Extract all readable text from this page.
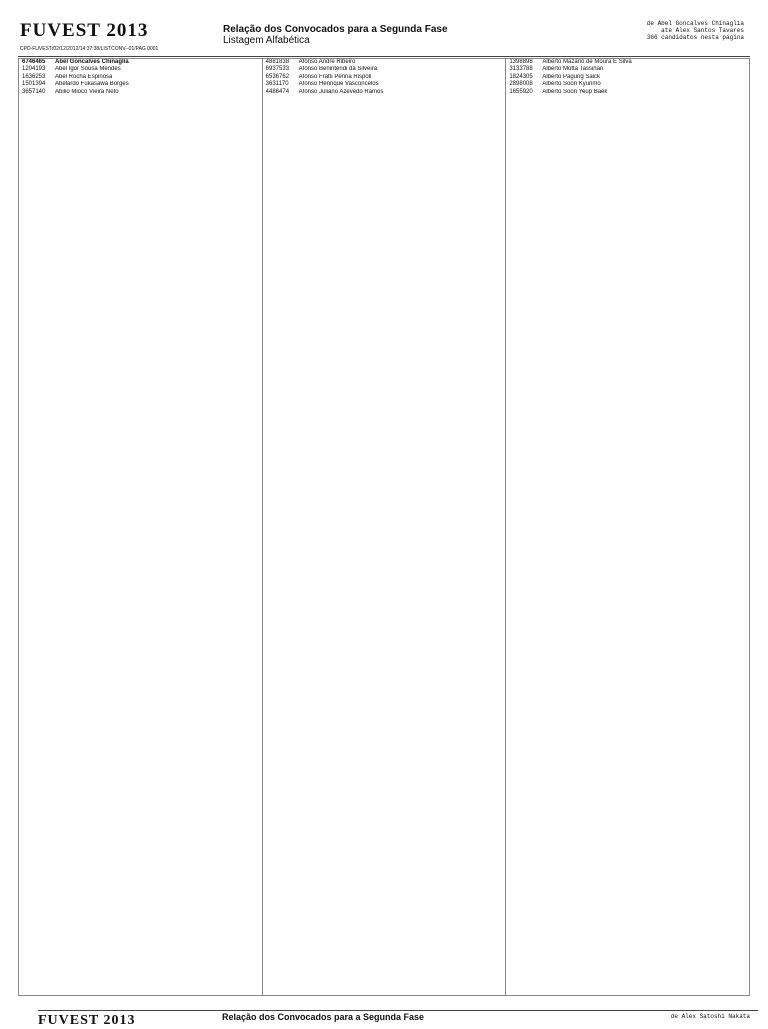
FUVEST 2013
CPD-FUVEST/02/12/2012/14:37:38/LISTCONV--01/PAG 0001
Relação dos Convocados para a Segunda Fase
Listagem Alfabética
de Abel Goncalves Chinaglia
ate Alex Santos Tavares
366 candidatos nesta página
6746465	Abel Goncalves Chinaglia
1204193	Abel Igor Sousa Mendes
1636253	Abel Rocha Espinosa
1501394	Abelardo Fukasawa Borges
3657140	Abilio Mioco Vieira Neto
4881838	Afonso Andre Ribeiro
6937533	Afonso Benintendi da Silveira
6536762	Afonso Fratti Penna Rispoli
3631170	Afonso Henrique Vasconcelos
4486474	Afonso Juliano Azevedo Ramos
1398898	Alberto Mazano de Moura E Silva
3133788	Alberto Motta Tassinari
1824305	Alberto Pagung Saick
2898008	Alberto Soon Kyunmo
1655920	Alberto Soon Yeup Baek
FUVEST 2013	Relação dos Convocados para a Segunda Fase	de Alex Satoshi Nakata
